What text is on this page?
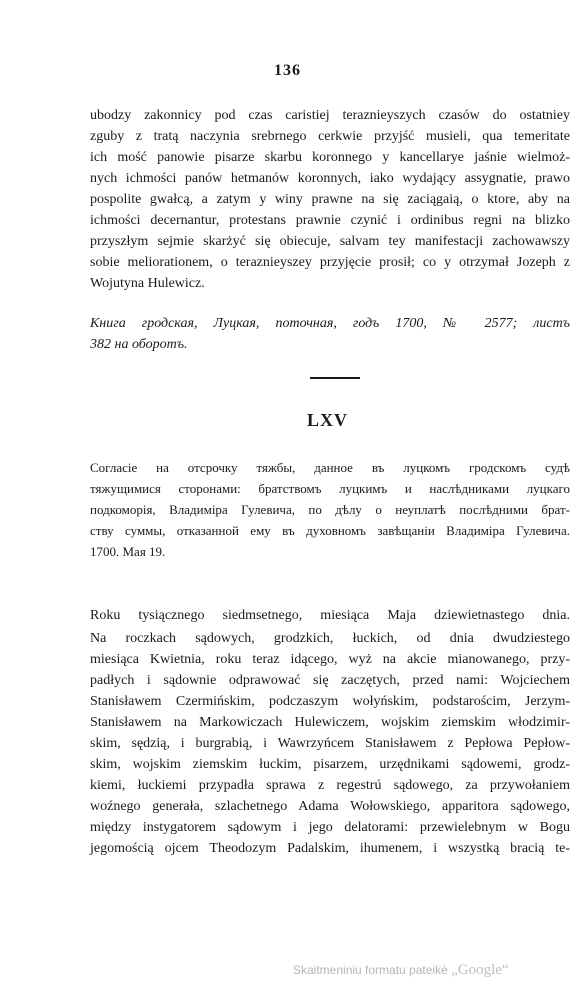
136
ubodzy zakonnicy pod czas caristiej teraznieyszych czasów do ostatniey
zguby z tratą naczynia srebrnego cerkwie przyjść musieli, qua temeritate
ich mość panowie pisarze skarbu koronnego y kancellarye jaśnie wielmoż-
nych ichmości panów hetmanów koronnych, iako wydający assygnatie, prawo
pospolite gwałcą, a zatym y winy prawne na się zaciągaią, o ktore, aby na
ichmości decernantur, protestans prawnie czynić i ordinibus regni na blizko
przyszłym sejmie skarżyć się obiecuje, salvam tey manifestacji zachowawszy
sobie meliorationem, o teraznieyszey przyjęcie prosił; co y otrzymał Jozeph z
Wojutyna Hulewicz.
Книга гродская, Луцкая, поточная, годъ 1700, № 2577; листъ
382 на оборотъ.
LXV
Согласie на отсрочку тяжбы, данное въ луцкомъ гродскомъ судѣ
тяжущимися сторонами: братствомъ луцкимъ и наслѣдниками луцкаго
подкоморія, Владиміра Гулевича, по дѣлу о неуплатѣ послѣдними брат-
ству суммы, отказанной ему въ духовномъ завѣщаніи Владиміра Гулевича.
1700. Мая 19.
Roku tysiącznego siedmsetnego, miesiąca Maja dziewietnastego dnia.
Na roczkach sądowych, grodzkich, łuckich, od dnia dwudziestego
miesiąca Kwietnia, roku teraz idącego, wyż na akcie mianowanego, przy-
padłych i sądownie odprawować się zaczętych, przed nami: Wojciechem
Stanisławem Czermińskim, podczaszym wołyńskim, podstarościm, Jerzym-
Stanisławem na Markowiczach Hulewiczem, wojskim ziemskim włodzimir-
skim, sędzią, i burgrabią, i Wawrzyńcem Stanisławem z Pepłowa Pepłow-
skim, wojskim ziemskim łuckim, pisarzem, urzędnikami sądowemi, grodz-
kiemi, łuckiemi przypadła sprawa z regestrú sądowego, za przywołaniem
woźnego generała, szlachetnego Adama Wołowskiego, apparitora sądowego,
między instygatorem sądowym i jego delatorami: przewielebnym w Bogu
jegomością ojcem Theodozym Padalskim, ihumenem, i wszystką bracią te-
Skaitmeniniu formatu pateikė „Google“
